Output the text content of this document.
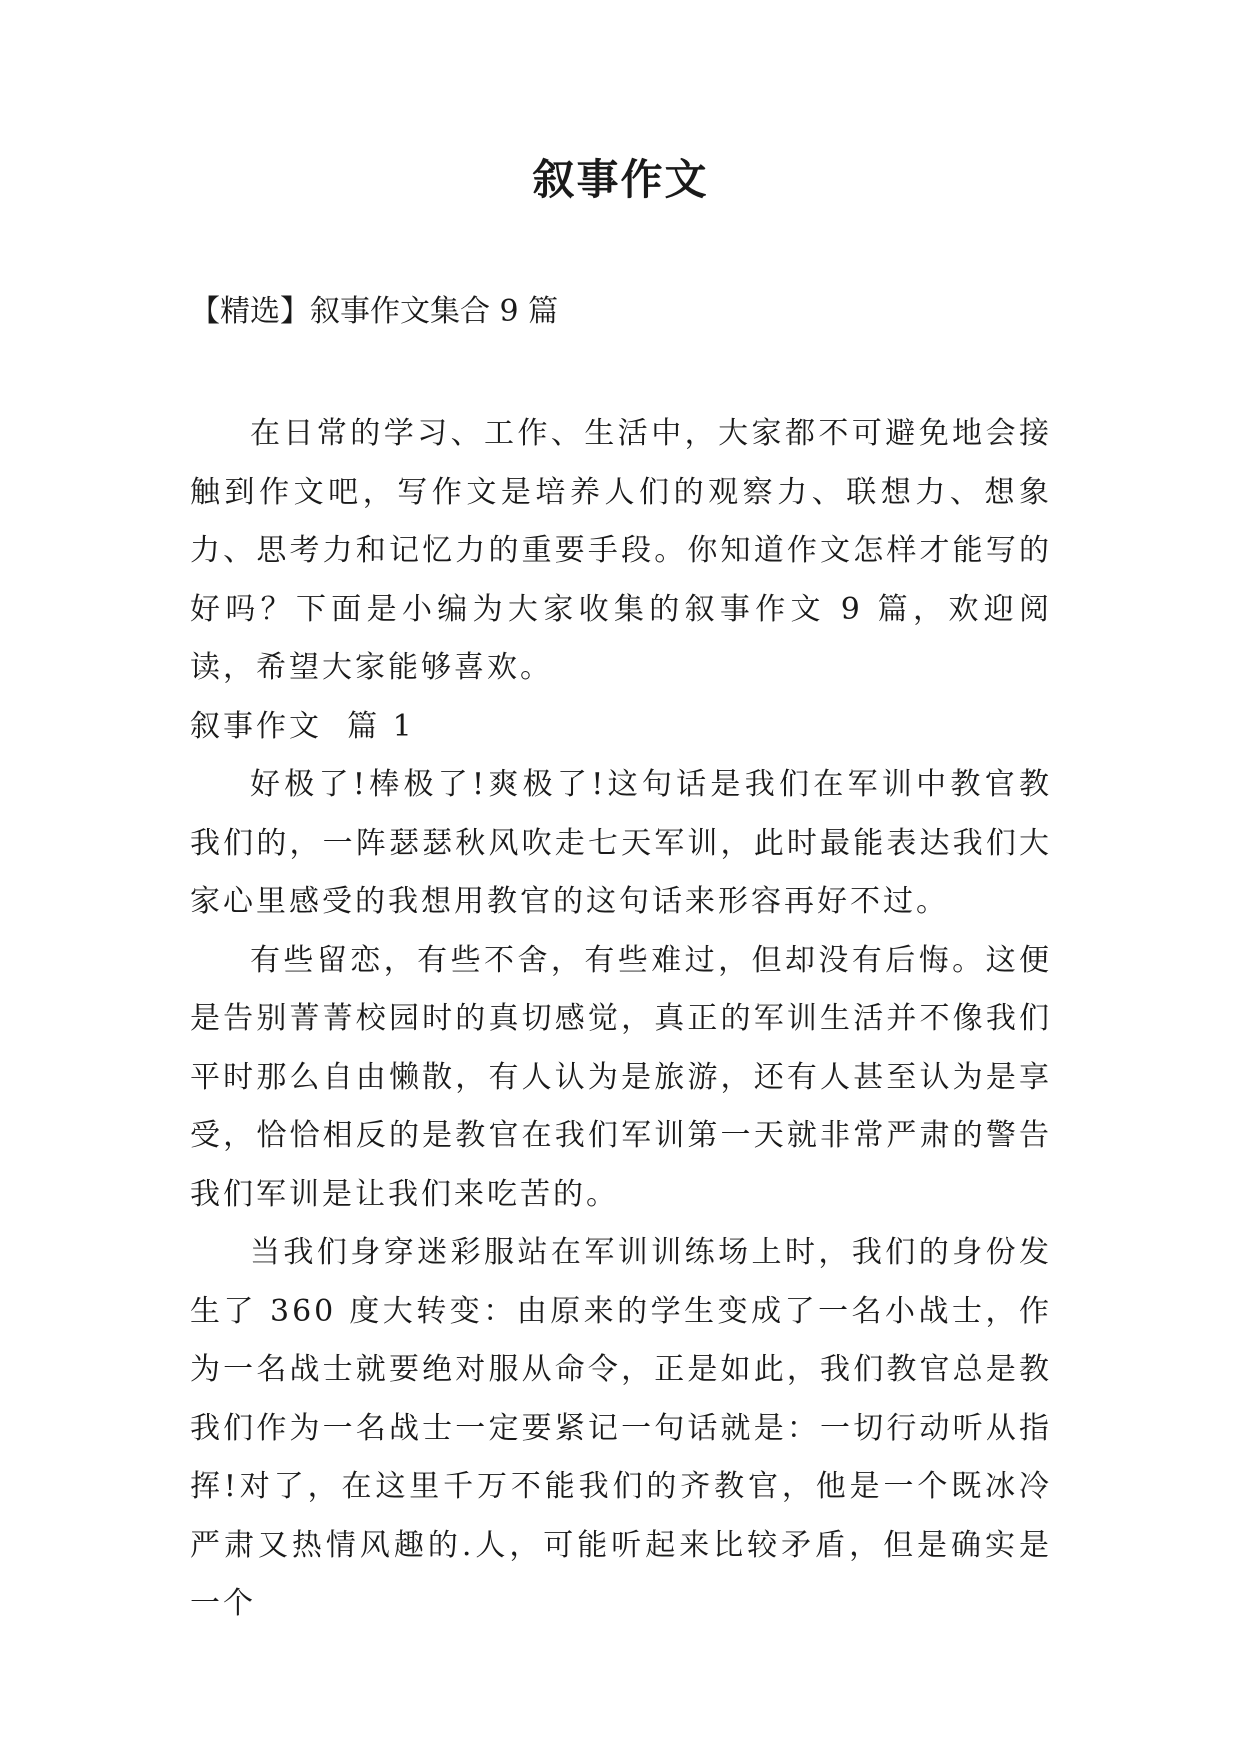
叙事作文
【精选】叙事作文集合 9 篇

在日常的学习、工作、生活中，大家都不可避免地会接触到作文吧，写作文是培养人们的观察力、联想力、想象力、思考力和记忆力的重要手段。你知道作文怎样才能写的好吗？下面是小编为大家收集的叙事作文 9 篇，欢迎阅读，希望大家能够喜欢。

叙事作文  篇 1

好极了!棒极了!爽极了!这句话是我们在军训中教官教我们的，一阵瑟瑟秋风吹走七天军训，此时最能表达我们大家心里感受的我想用教官的这句话来形容再好不过。

有些留恋，有些不舍，有些难过，但却没有后悔。这便是告别菁菁校园时的真切感觉，真正的军训生活并不像我们平时那么自由懒散，有人认为是旅游，还有人甚至认为是享受，恰恰相反的是教官在我们军训第一天就非常严肃的警告我们军训是让我们来吃苦的。

当我们身穿迷彩服站在军训训练场上时，我们的身份发生了 360 度大转变：由原来的学生变成了一名小战士，作为一名战士就要绝对服从命令，正是如此，我们教官总是教我们作为一名战士一定要紧记一句话就是：一切行动听从指挥!对了，在这里千万不能我们的齐教官，他是一个既冰冷严肃又热情风趣的.人，可能听起来比较矛盾，但是确实是一个
